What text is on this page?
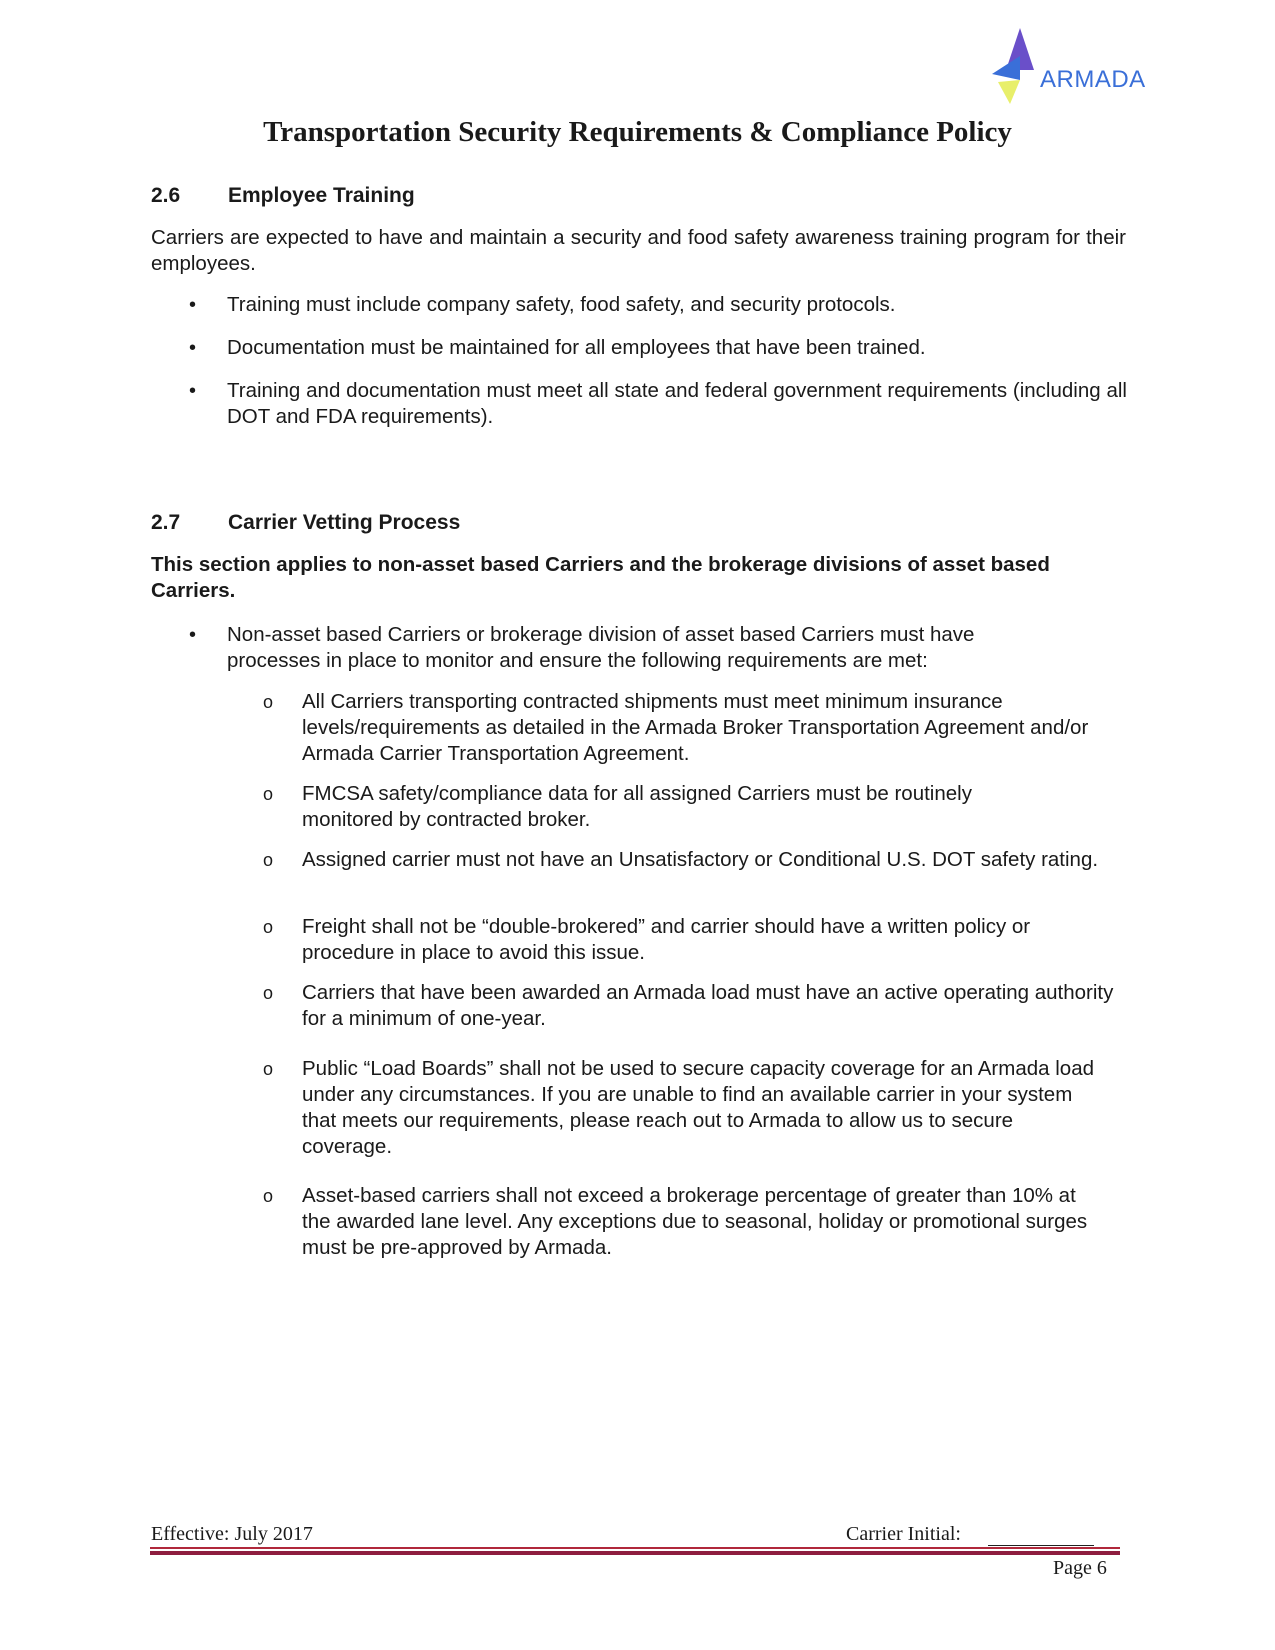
ARMADA
Transportation Security Requirements & Compliance Policy
2.6 Employee Training
Carriers are expected to have and maintain a security and food safety awareness training program for their employees.
• Training must include company safety, food safety, and security protocols.
• Documentation must be maintained for all employees that have been trained.
• Training and documentation must meet all state and federal government requirements (including all DOT and FDA requirements).
2.7 Carrier Vetting Process
This section applies to non-asset based Carriers and the brokerage divisions of asset based Carriers.
• Non-asset based Carriers or brokerage division of asset based Carriers must have processes in place to monitor and ensure the following requirements are met:
o All Carriers transporting contracted shipments must meet minimum insurance levels/requirements as detailed in the Armada Broker Transportation Agreement and/or Armada Carrier Transportation Agreement.
o FMCSA safety/compliance data for all assigned Carriers must be routinely monitored by contracted broker.
o Assigned carrier must not have an Unsatisfactory or Conditional U.S. DOT safety rating.
o Freight shall not be “double-brokered” and carrier should have a written policy or procedure in place to avoid this issue.
o Carriers that have been awarded an Armada load must have an active operating authority for a minimum of one-year.
o Public “Load Boards” shall not be used to secure capacity coverage for an Armada load under any circumstances. If you are unable to find an available carrier in your system that meets our requirements, please reach out to Armada to allow us to secure coverage.
o Asset-based carriers shall not exceed a brokerage percentage of greater than 10% at the awarded lane level. Any exceptions due to seasonal, holiday or promotional surges must be pre-approved by Armada.
Effective: July 2017	Carrier Initial:
Page 6
